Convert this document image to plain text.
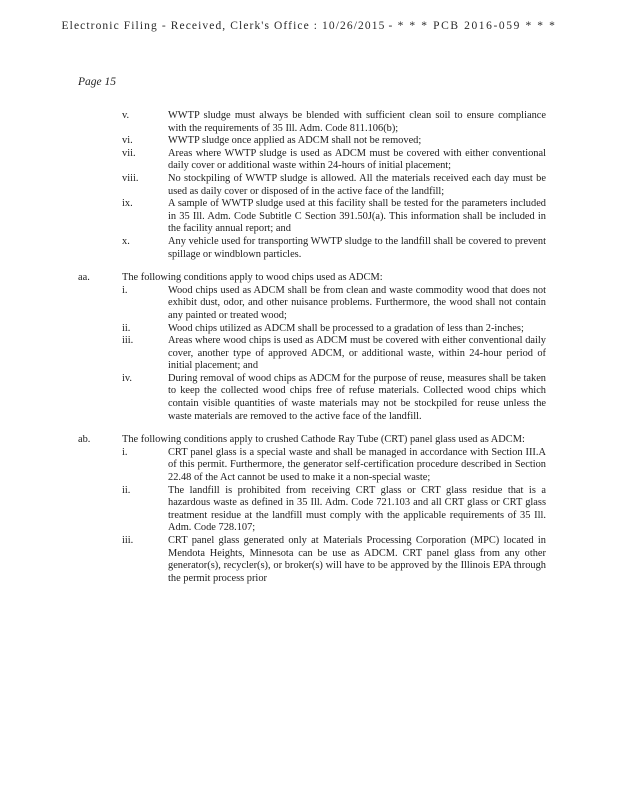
Electronic Filing - Received, Clerk's Office : 10/26/2015 - * * * PCB 2016-059 * * *
Page 15
v.	WWTP sludge must always be blended with sufficient clean soil to ensure compliance with the requirements of 35 Ill. Adm. Code 811.106(b);

vi.	WWTP sludge once applied as ADCM shall not be removed;

vii.	Areas where WWTP sludge is used as ADCM must be covered with either conventional daily cover or additional waste within 24-hours of initial placement;

viii.	No stockpiling of WWTP sludge is allowed. All the materials received each day must be used as daily cover or disposed of in the active face of the landfill;

ix.	A sample of WWTP sludge used at this facility shall be tested for the parameters included in 35 Ill. Adm. Code Subtitle C Section 391.50J(a). This information shall be included in the facility annual report; and

x.	Any vehicle used for transporting WWTP sludge to the landfill shall be covered to prevent spillage or windblown particles.

aa.	The following conditions apply to wood chips used as ADCM:

i.	Wood chips used as ADCM shall be from clean and waste commodity wood that does not exhibit dust, odor, and other nuisance problems. Furthermore, the wood shall not contain any painted or treated wood;

ii.	Wood chips utilized as ADCM shall be processed to a gradation of less than 2-inches;

iii.	Areas where wood chips is used as ADCM must be covered with either conventional daily cover, another type of approved ADCM, or additional waste, within 24-hour period of initial placement; and

iv.	During removal of wood chips as ADCM for the purpose of reuse, measures shall be taken to keep the collected wood chips free of refuse materials. Collected wood chips which contain visible quantities of waste materials may not be stockpiled for reuse unless the waste materials are removed to the active face of the landfill.

ab.	The following conditions apply to crushed Cathode Ray Tube (CRT) panel glass used as ADCM:

i.	CRT panel glass is a special waste and shall be managed in accordance with Section III.A of this permit. Furthermore, the generator self-certification procedure described in Section 22.48 of the Act cannot be used to make it a non-special waste;

ii.	The landfill is prohibited from receiving CRT glass or CRT glass residue that is a hazardous waste as defined in 35 Ill. Adm. Code 721.103 and all CRT glass or CRT glass treatment residue at the landfill must comply with the applicable requirements of 35 Ill. Adm. Code 728.107;

iii.	CRT panel glass generated only at Materials Processing Corporation (MPC) located in Mendota Heights, Minnesota can be use as ADCM. CRT panel glass from any other generator(s), recycler(s), or broker(s) will have to be approved by the Illinois EPA through the permit process prior
